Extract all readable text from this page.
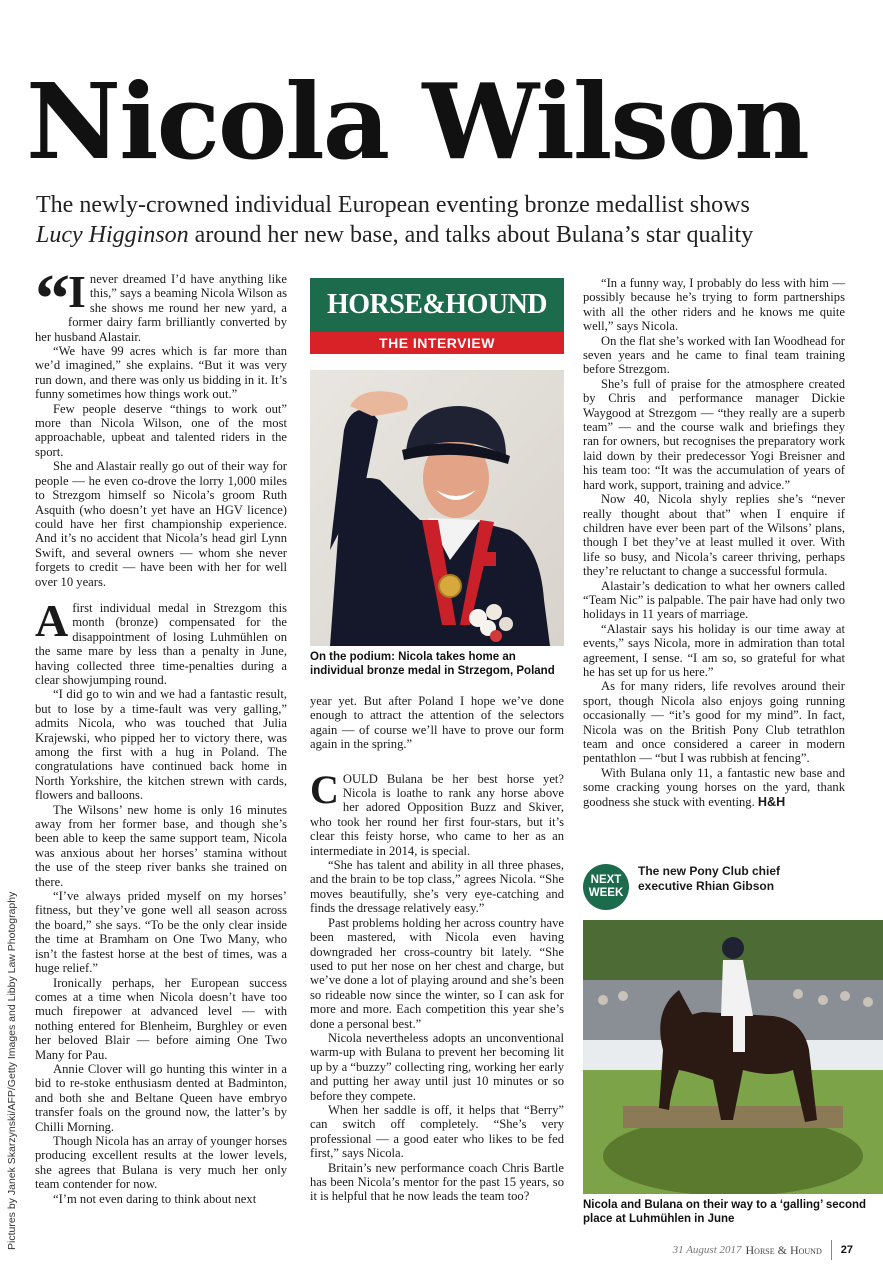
Nicola Wilson
The newly-crowned individual European eventing bronze medallist shows
Lucy Higginson around her new base, and talks about Bulana’s star quality

“ I never dreamed I’d have anything like this,” says a beaming Nicola Wilson as she shows me round her new yard, a former dairy farm brilliantly converted by her husband Alastair.

“We have 99 acres which is far more than we’d imagined,” she explains. “But it was very run down, and there was only us bidding in it. It’s funny sometimes how things work out.”

Few people deserve “things to work out” more than Nicola Wilson, one of the most approachable, upbeat and talented riders in the sport.

She and Alastair really go out of their way for people — he even co-drove the lorry 1,000 miles to Strezgom himself so Nicola’s groom Ruth Asquith (who doesn’t yet have an HGV licence) could have her first championship experience. And it’s no accident that Nicola’s head girl Lynn Swift, and several owners — whom she never forgets to credit — have been with her for well over 10 years.

Afirst individual medal in Strezgom this month (bronze) compensated for the disappointment of losing Luhmühlen on the same mare by less than a penalty in June, having collected three time-penalties during a clear showjumping round.

“I did go to win and we had a fantastic result, but to lose by a time-fault was very galling,” admits Nicola, who was touched that Julia Krajewski, who pipped her to victory there, was among the first with a hug in Poland. The congratulations have continued back home in North Yorkshire, the kitchen strewn with cards, flowers and balloons.

The Wilsons’ new home is only 16 minutes away from her former base, and though she’s been able to keep the same support team, Nicola was anxious about her horses’ stamina without the use of the steep river banks she trained on there.

“I’ve always prided myself on my horses’ fitness, but they’ve gone well all season across the board,” she says. “To be the only clear inside the time at Bramham on One Two Many, who isn’t the fastest horse at the best of times, was a huge relief.”

Ironically perhaps, her European success comes at a time when Nicola doesn’t have too much firepower at advanced level — with nothing entered for Blenheim, Burghley or even her beloved Blair — before aiming One Two Many for Pau.

Annie Clover will go hunting this winter in a bid to re-stoke enthusiasm dented at Badminton, and both she and Beltane Queen have embryo transfer foals on the ground now, the latter’s by Chilli Morning.

Though Nicola has an array of younger horses producing excellent results at the lower levels, she agrees that Bulana is very much her only team contender for now.

“I’m not even daring to think about next

HORSE&HOUND
THE INTERVIEW
On the podium: Nicola takes home an individual bronze medal in Strzegom, Poland

year yet. But after Poland I hope we’ve done enough to attract the attention of the selectors again — of course we’ll have to prove our form again in the spring.”

COULD Bulana be her best horse yet? Nicola is loathe to rank any horse above her adored Opposition Buzz and Skiver, who took her round her first four-stars, but it’s clear this feisty horse, who came to her as an intermediate in 2014, is special.

“She has talent and ability in all three phases, and the brain to be top class,” agrees Nicola. “She moves beautifully, she’s very eye-catching and finds the dressage relatively easy.”

Past problems holding her across country have been mastered, with Nicola even having downgraded her cross-country bit lately. “She used to put her nose on her chest and charge, but we’ve done a lot of playing around and she’s been so rideable now since the winter, so I can ask for more and more. Each competition this year she’s done a personal best.”

Nicola nevertheless adopts an unconventional warm-up with Bulana to prevent her becoming lit up by a “buzzy” collecting ring, working her early and putting her away until just 10 minutes or so before they compete.

When her saddle is off, it helps that “Berry” can switch off completely. “She’s very professional — a good eater who likes to be fed first,” says Nicola.

Britain’s new performance coach Chris Bartle has been Nicola’s mentor for the past 15 years, so it is helpful that he now leads the team too?

“In a funny way, I probably do less with him — possibly because he’s trying to form partnerships with all the other riders and he knows me quite well,” says Nicola.

On the flat she’s worked with Ian Woodhead for seven years and he came to final team training before Strezgom.

She’s full of praise for the atmosphere created by Chris and performance manager Dickie Waygood at Strezgom — “they really are a superb team” — and the course walk and briefings they ran for owners, but recognises the preparatory work laid down by their predecessor Yogi Breisner and his team too: “It was the accumulation of years of hard work, support, training and advice.”

Now 40, Nicola shyly replies she’s “never really thought about that” when I enquire if children have ever been part of the Wilsons’ plans, though I bet they’ve at least mulled it over. With life so busy, and Nicola’s career thriving, perhaps they’re reluctant to change a successful formula.

Alastair’s dedication to what her owners called “Team Nic” is palpable. The pair have had only two holidays in 11 years of marriage.

“Alastair says his holiday is our time away at events,” says Nicola, more in admiration than total agreement, I sense. “I am so, so grateful for what he has set up for us here.”

As for many riders, life revolves around their sport, though Nicola also enjoys going running occasionally — “it’s good for my mind”. In fact, Nicola was on the British Pony Club tetrathlon team and once considered a career in modern pentathlon — “but I was rubbish at fencing”.

With Bulana only 11, a fantastic new base and some cracking young horses on the yard, thank goodness she stuck with eventing. H&H

NEXT
WEEK
The new Pony Club chief executive Rhian Gibson
Nicola and Bulana on their way to a ‘galling’ second place at Luhmühlen in June
Pictures by Janek Skarzynski/AFP/Getty Images and Libby Law Photography	31 August 2017 Horse & Hound 27
